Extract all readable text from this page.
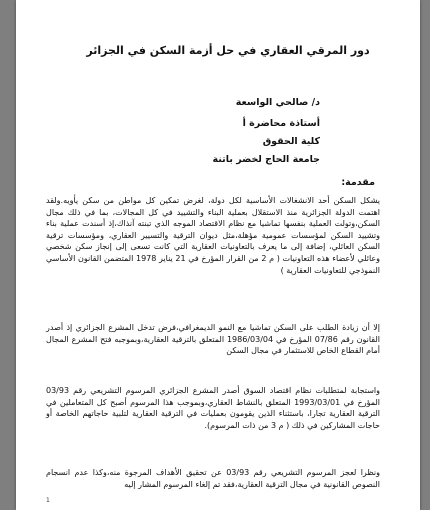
دور المرقي العقاري في حل أزمة السكن في الجزائر
د/ صالحي الواسعة
أستاذة محاضرة أ
كلية الحقوق
جامعة الحاج لخضر باتنة
مقدمة:
يشكل السكن أحد الانشغالات الأساسية لكل دولة، لغرض تمكين كل مواطن من سكن يأويه.ولقد اهتمت الدولة الجزائرية منذ الاستقلال بعملية البناء والتشييد في كل المجالات، بما في ذلك مجال السكن،وتولت العملية بنفسها تماشيا مع نظام الاقتصاد الموجه الذي تبنته آنذاك،إذ أسندت عملية بناء وتشييد السكن لمؤسسات عمومية مؤهلة،مثل ديوان الترقية والتسيير العقاري، ومؤسسات ترقية السكن العائلي، إضافة إلى ما يعرف بالتعاونيات العقارية التي كانت تسعى إلى إنجاز سكن شخصي وعائلي لأعضاء هذه التعاونيات ( م 2 من القرار المؤرخ في 21 يناير 1978 المتضمن القانون الأساسي النموذجي للتعاونيات العقارية )
إلا أن زيادة الطلب على السكن تماشيا مع النمو الديمغرافي،فرض تدخل المشرع الجزائري إذ أصدر القانون رقم 07/86 المؤرخ في 1986/03/04 المتعلق بالترقية العقارية،وبموجبه فتح المشرع المجال أمام القطاع الخاص للاستثمار في مجال السكن
واستجابة لمتطلبات نظام اقتصاد السوق أصدر المشرع الجزائري المرسوم التشريعي رقم 03/93 المؤرخ في 1993/03/01 المتعلق بالنشاط العقاري،وبموجب هذا المرسوم أصبح كل المتعاملين في الترقية العقارية تجارا، باستثناء الذين يقومون بعمليات في الترقية العقارية لتلبية حاجاتهم الخاصة أو حاجات المشاركين في ذلك ( م 3 من ذات المرسوم).
ونظرا لعجز المرسوم التشريعي رقم 03/93 عن تحقيق الأهداف المرجوة منه،وكذا عدم انسجام النصوص القانونية في مجال الترقية العقارية،فقد تم إلغاء المرسوم المشار إليه
1
